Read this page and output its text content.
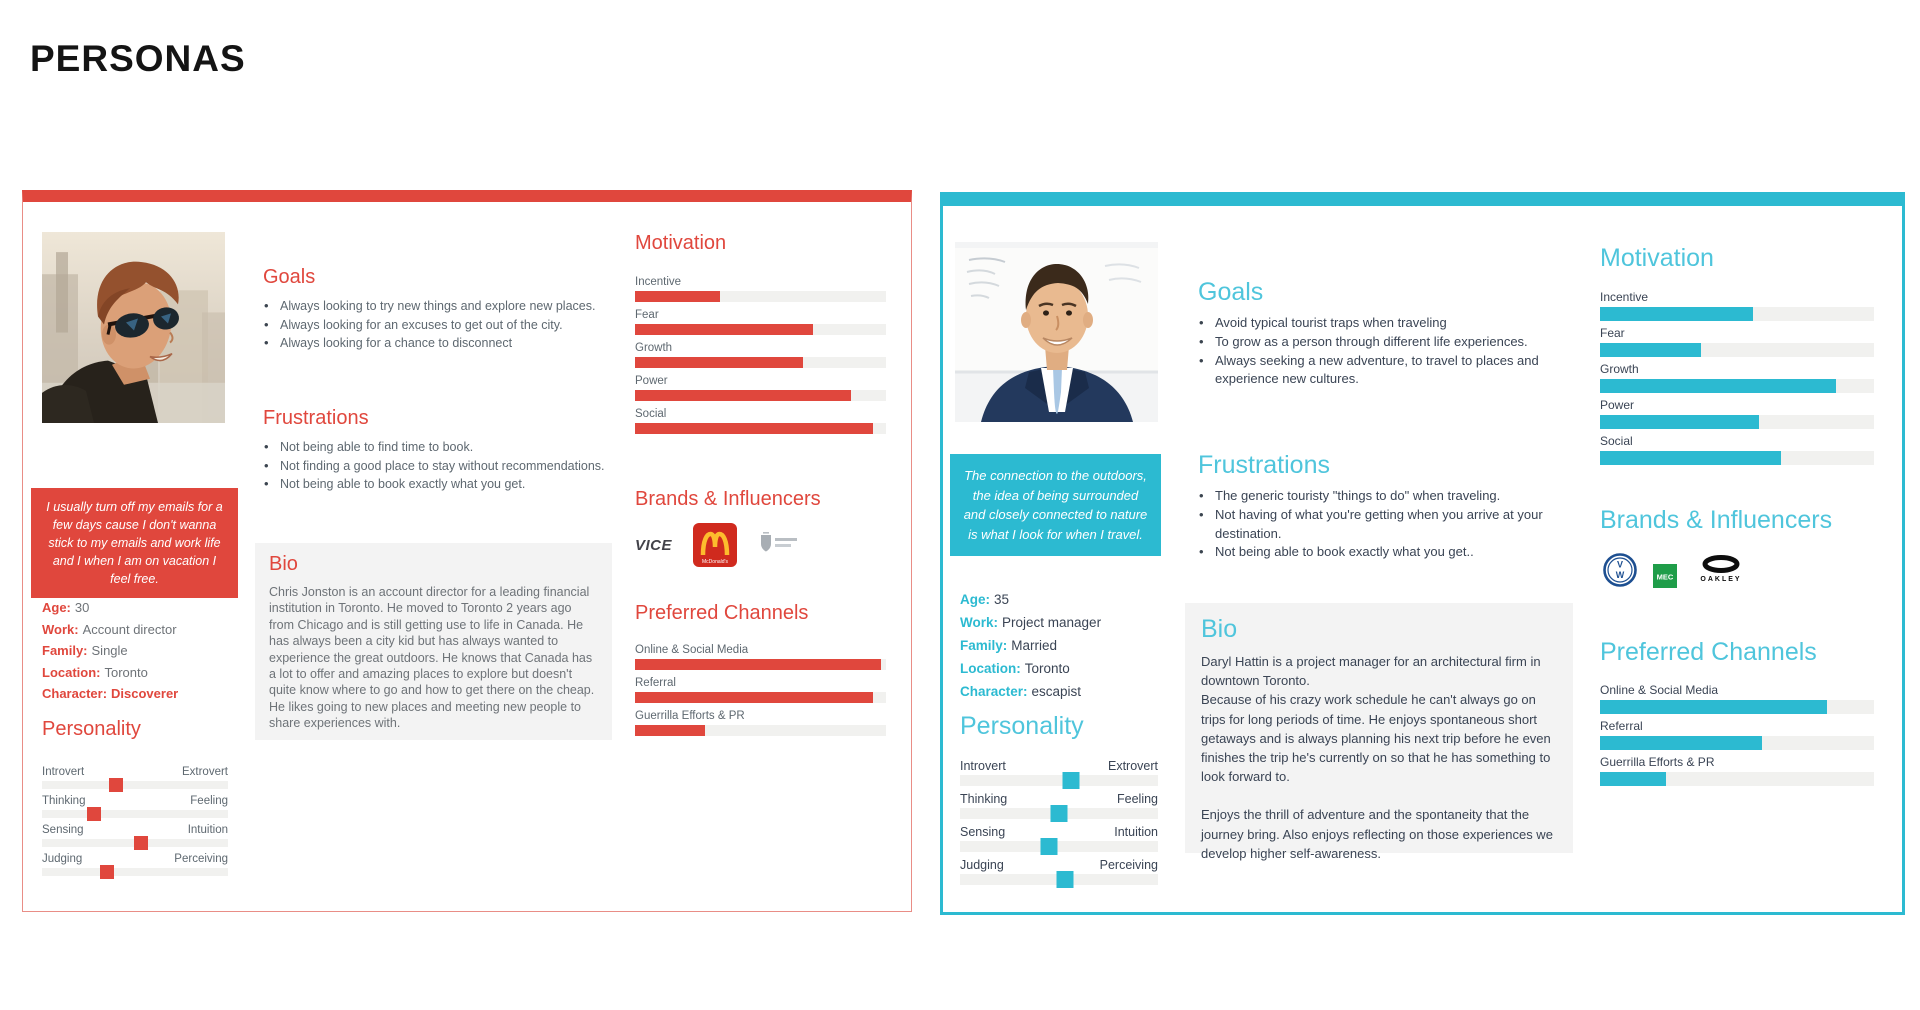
PERSONAS
I usually turn off my emails for a few days cause I don't wanna stick to my emails and work life and I when I am on vacation I feel free.
Age: 30
Work: Account director
Family: Single
Location: Toronto
Character: Discoverer
Personality
Introvert	Extrovert
Thinking	Feeling
Sensing	Intuition
Judging	Perceiving
Goals
• Always looking to try new things and explore new places.
• Always looking for an excuses to get out of the city.
• Always looking for a chance to disconnect
Frustrations
• Not being able to find time to book.
• Not finding a good place to stay without recommendations.
• Not being able to book exactly what you get.
Bio

Chris Jonston is an account director for a leading financial institution in Toronto. He moved to Toronto 2 years ago from Chicago and is still getting use to life in Canada. He has always been a city kid but has always wanted to experience the great outdoors. He knows that Canada has a lot to offer and amazing places to explore but doesn't quite know where to go and how to get there on the cheap. He likes going to new places and meeting new people to share experiences with.

Motivation
Incentive
Fear
Growth
Power
Social
Brands & Influencers
VICE
McDonald's
Preferred Channels
Online & Social Media
Referral
Guerrilla Efforts & PR
The connection to the outdoors, the idea of being surrounded and closely connected to nature is what I look for when I travel.
Age: 35
Work: Project manager
Family: Married
Location: Toronto
Character: escapist
Personality
Introvert	Extrovert
Thinking	Feeling
Sensing	Intuition
Judging	Perceiving
Goals
• Avoid typical tourist traps when traveling
• To grow as a person through different life experiences.
• Always seeking a new adventure, to travel to places and experience new cultures.
Frustrations
• The generic touristy "things to do" when traveling.
• Not having of what you're getting when you arrive at your destination.
• Not being able to book exactly what you get..
Bio

Daryl Hattin is a project manager for an architectural firm in downtown Toronto.

Because of his crazy work schedule he can't always go on trips for long periods of time. He enjoys spontaneous short getaways and is always planning his next trip before he even finishes the trip he's currently on so that he has something to look forward to.

Enjoys the thrill of adventure and the spontaneity that the journey bring. Also enjoys reflecting on those experiences we develop higher self-awareness.

Motivation
Incentive
Fear
Growth
Power
Social
Brands & Influencers
V
W	MEC	OAKLEY
Preferred Channels
Online & Social Media
Referral
Guerrilla Efforts & PR
